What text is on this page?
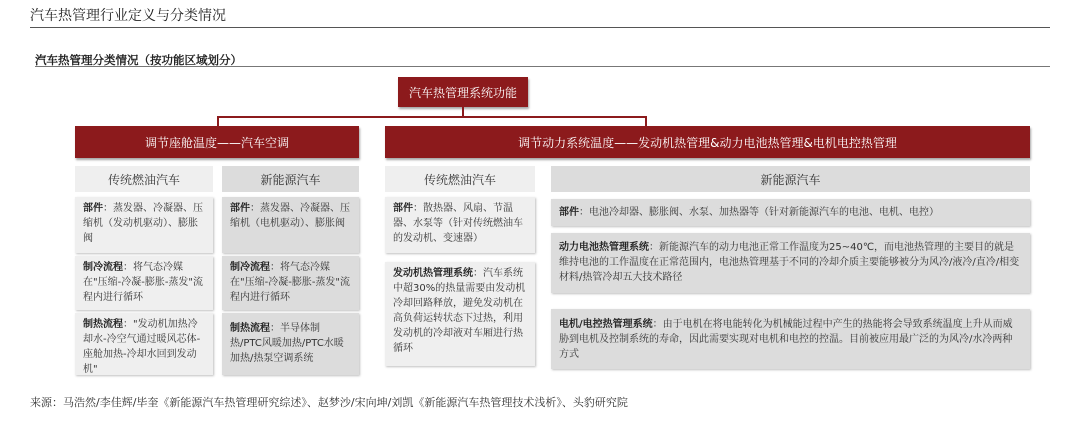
汽车热管理行业定义与分类情况
汽车热管理分类情况（按功能区域划分）
汽车热管理系统功能
调节座舱温度——汽车空调	调节动力系统温度——发动机热管理&动力电池热管理&电机电控热管理
传统燃油汽车	新能源汽车	传统燃油汽车	新能源汽车
部件：蒸发器、冷凝器、压缩机（发动机驱动）、膨胀阀
制冷流程：将气态冷媒在"压缩-冷凝-膨胀-蒸发"流程内进行循环
制热流程："发动机加热冷却水-冷空气通过暖风芯体-座舱加热-冷却水回到发动机"
部件：蒸发器、冷凝器、压缩机（电机驱动）、膨胀阀
制冷流程：将气态冷媒在"压缩-冷凝-膨胀-蒸发"流程内进行循环
制热流程：半导体制热/PTC风暖加热/PTC水暖加热/热泵空调系统
部件：散热器、风扇、节温器、水泵等（针对传统燃油车的发动机、变速器）
发动机热管理系统：汽车系统中超30%的热量需要由发动机冷却回路释放，避免发动机在高负荷运转状态下过热，利用发动机的冷却液对车厢进行热循环
部件：电池冷却器、膨胀阀、水泵、加热器等（针对新能源汽车的电池、电机、电控）
动力电池热管理系统：新能源汽车的动力电池正常工作温度为25~40℃，而电池热管理的主要目的就是维持电池的工作温度在正常范围内，电池热管理基于不同的冷却介质主要能够被分为风冷/液冷/直冷/相变材料/热管冷却五大技术路径
电机/电控热管理系统：由于电机在将电能转化为机械能过程中产生的热能将会导致系统温度上升从而威胁到电机及控制系统的寿命，因此需要实现对电机和电控的控温。目前被应用最广泛的为风冷/水冷两种方式
来源：马浩然/李佳辉/毕奎《新能源汽车热管理研究综述》、赵梦沙/宋向坤/刘凯《新能源汽车热管理技术浅析》、头豹研究院
